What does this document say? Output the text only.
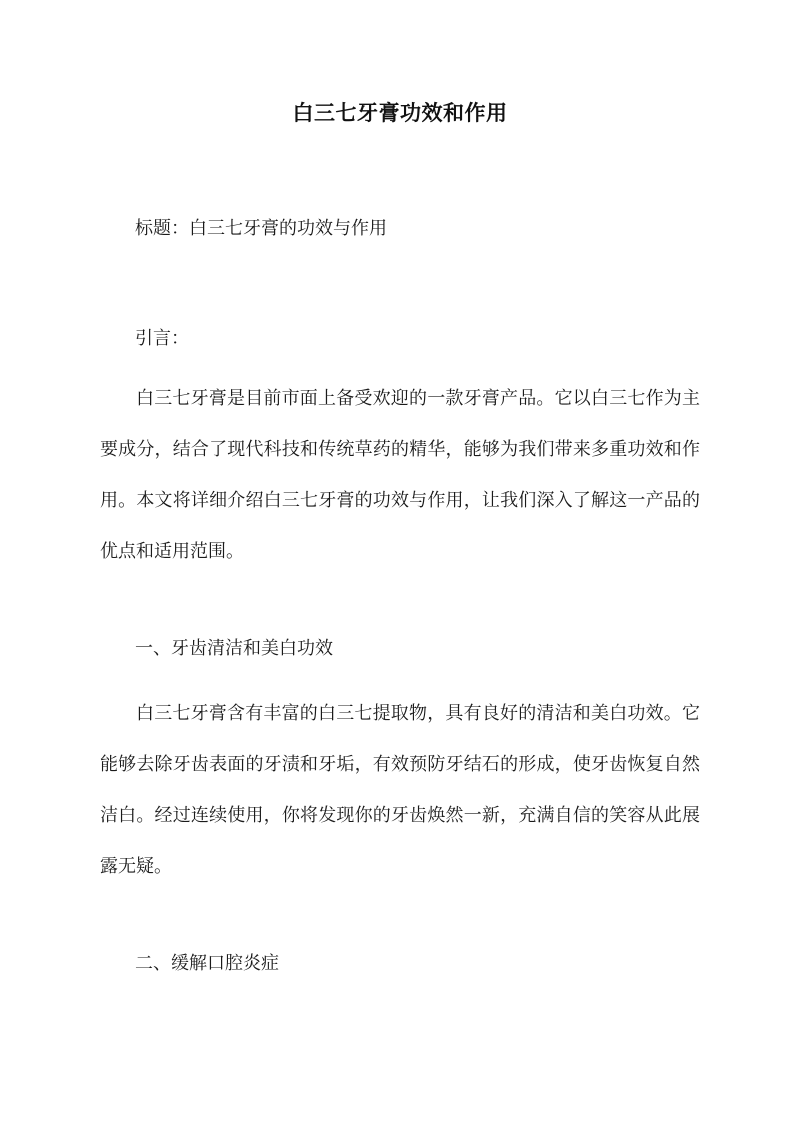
白三七牙膏功效和作用
标题：白三七牙膏的功效与作用
引言：

白三七牙膏是目前市面上备受欢迎的一款牙膏产品。它以白三七作为主要成分，结合了现代科技和传统草药的精华，能够为我们带来多重功效和作用。本文将详细介绍白三七牙膏的功效与作用，让我们深入了解这一产品的优点和适用范围。

一、牙齿清洁和美白功效

白三七牙膏含有丰富的白三七提取物，具有良好的清洁和美白功效。它能够去除牙齿表面的牙渍和牙垢，有效预防牙结石的形成，使牙齿恢复自然洁白。经过连续使用，你将发现你的牙齿焕然一新，充满自信的笑容从此展露无疑。

二、缓解口腔炎症
